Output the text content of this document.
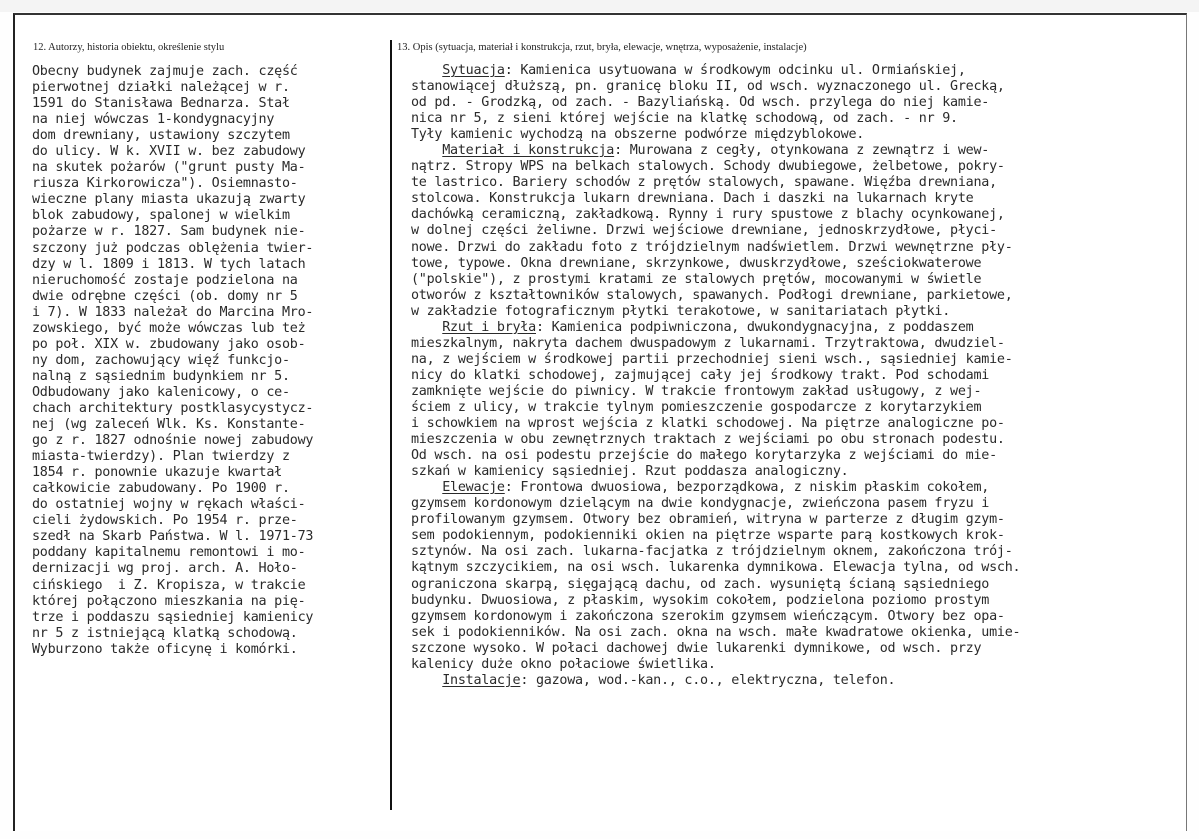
12. Autorzy, historia obiektu, określenie stylu	13. Opis (sytuacja, materiał i konstrukcja, rzut, bryła, elewacje, wnętrza, wyposażenie, instalacje)
Obecny budynek zajmuje zach. część
pierwotnej działki należącej w r.
1591 do Stanisława Bednarza. Stał
na niej wówczas 1-kondygnacyjny
dom drewniany, ustawiony szczytem
do ulicy. W k. XVII w. bez zabudowy
na skutek pożarów ("grunt pusty Ma-
riusza Kirkorowicza"). Osiemnasto-
wieczne plany miasta ukazują zwarty
blok zabudowy, spalonej w wielkim
pożarze w r. 1827. Sam budynek nie-
szczony już podczas oblężenia twier-
dzy w l. 1809 i 1813. W tych latach
nieruchomość zostaje podzielona na
dwie odrębne części (ob. domy nr 5
i 7). W 1833 należał do Marcina Mro-
zowskiego, być może wówczas lub też
po poł. XIX w. zbudowany jako osob-
ny dom, zachowujący więź funkcjo-
nalną z sąsiednim budynkiem nr 5.
Odbudowany jako kalenicowy, o ce-
chach architektury postklasycystycz-
nej (wg zaleceń Wlk. Ks. Konstante-
go z r. 1827 odnośnie nowej zabudowy
miasta-twierdzy). Plan twierdzy z
1854 r. ponownie ukazuje kwartał
całkowicie zabudowany. Po 1900 r.
do ostatniej wojny w rękach właści-
cieli żydowskich. Po 1954 r. prze-
szedł na Skarb Państwa. W l. 1971-73
poddany kapitalnemu remontowi i mo-
dernizacji wg proj. arch. A. Hoło-
cińskiego  i Z. Kropisza, w trakcie
której połączono mieszkania na pię-
trze i poddaszu sąsiedniej kamienicy
nr 5 z istniejącą klatką schodową.
Wyburzono także oficynę i komórki.
Sytuacja: Kamienica usytuowana w środkowym odcinku ul. Ormiańskiej,
stanowiącej dłuższą, pn. granicę bloku II, od wsch. wyznaczonego ul. Grecką,
od pd. - Grodzką, od zach. - Bazyliańską. Od wsch. przylega do niej kamie-
nica nr 5, z sieni której wejście na klatkę schodową, od zach. - nr 9.
Tyły kamienic wychodzą na obszerne podwórze międzyblokowe.
Materiał i konstrukcja: Murowana z cegły, otynkowana z zewnątrz i wew-
nątrz. Stropy WPS na belkach stalowych. Schody dwubiegowe, żelbetowe, pokry-
te lastrico. Bariery schodów z prętów stalowych, spawane. Więźba drewniana,
stolcowa. Konstrukcja lukarn drewniana. Dach i daszki na lukarnach kryte
dachówką ceramiczną, zakładkową. Rynny i rury spustowe z blachy ocynkowanej,
w dolnej części żeliwne. Drzwi wejściowe drewniane, jednoskrzydłowe, płyci-
nowe. Drzwi do zakładu foto z trójdzielnym nadświetlem. Drzwi wewnętrzne pły-
towe, typowe. Okna drewniane, skrzynkowe, dwuskrzydłowe, sześciokwaterowe
("polskie"), z prostymi kratami ze stalowych prętów, mocowanymi w świetle
otworów z kształtowników stalowych, spawanych. Podłogi drewniane, parkietowe,
w zakładzie fotograficznym płytki terakotowe, w sanitariatach płytki.
Rzut i bryła: Kamienica podpiwniczona, dwukondygnacyjna, z poddaszem
mieszkalnym, nakryta dachem dwuspadowym z lukarnami. Trzytraktowa, dwudziel-
na, z wejściem w środkowej partii przechodniej sieni wsch., sąsiedniej kamie-
nicy do klatki schodowej, zajmującej cały jej środkowy trakt. Pod schodami
zamknięte wejście do piwnicy. W trakcie frontowym zakład usługowy, z wej-
ściem z ulicy, w trakcie tylnym pomieszczenie gospodarcze z korytarzykiem
i schowkiem na wprost wejścia z klatki schodowej. Na piętrze analogiczne po-
mieszczenia w obu zewnętrznych traktach z wejściami po obu stronach podestu.
Od wsch. na osi podestu przejście do małego korytarzyka z wejściami do mie-
szkań w kamienicy sąsiedniej. Rzut poddasza analogiczny.
Elewacje: Frontowa dwuosiowa, bezporządkowa, z niskim płaskim cokołem,
gzymsem kordonowym dzielącym na dwie kondygnacje, zwieńczona pasem fryzu i
profilowanym gzymsem. Otwory bez obramień, witryna w parterze z długim gzym-
sem podokiennym, podokienniki okien na piętrze wsparte parą kostkowych krok-
sztynów. Na osi zach. lukarna-facjatka z trójdzielnym oknem, zakończona trój-
kątnym szczycikiem, na osi wsch. lukarenka dymnikowa. Elewacja tylna, od wsch.
ograniczona skarpą, sięgającą dachu, od zach. wysuniętą ścianą sąsiedniego
budynku. Dwuosiowa, z płaskim, wysokim cokołem, podzielona poziomo prostym
gzymsem kordonowym i zakończona szerokim gzymsem wieńczącym. Otwory bez opa-
sek i podokienników. Na osi zach. okna na wsch. małe kwadratowe okienka, umie-
szczone wysoko. W połaci dachowej dwie lukarenki dymnikowe, od wsch. przy
kalenicy duże okno połaciowe świetlika.
Instalacje: gazowa, wod.-kan., c.o., elektryczna, telefon.
